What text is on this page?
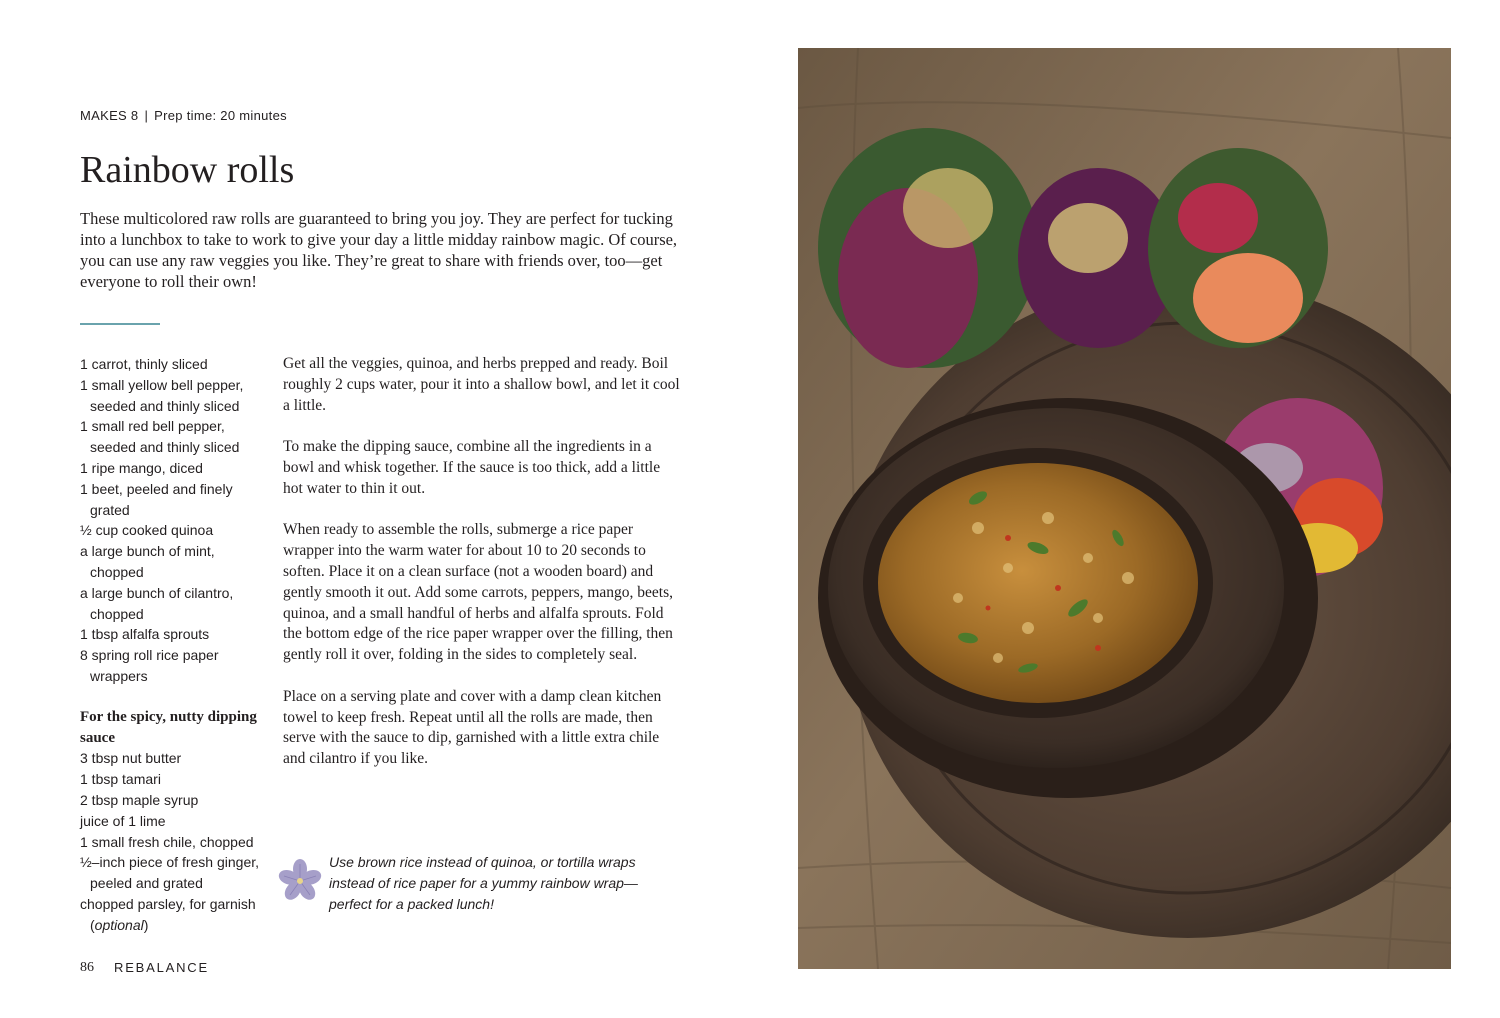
MAKES 8 | Prep time: 20 minutes
Rainbow rolls

These multicolored raw rolls are guaranteed to bring you joy. They are perfect for tucking into a lunchbox to take to work to give your day a little midday rainbow magic. Of course, you can use any raw veggies you like. They’re great to share with friends over, too—get everyone to roll their own!

1 carrot, thinly sliced
1 small yellow bell pepper, seeded and thinly sliced
1 small red bell pepper, seeded and thinly sliced
1 ripe mango, diced
1 beet, peeled and finely grated
½ cup cooked quinoa
a large bunch of mint, chopped
a large bunch of cilantro, chopped
1 tbsp alfalfa sprouts
8 spring roll rice paper wrappers
For the spicy, nutty dipping sauce
3 tbsp nut butter
1 tbsp tamari
2 tbsp maple syrup
juice of 1 lime
1 small fresh chile, chopped
½–inch piece of fresh ginger, peeled and grated
chopped parsley, for garnish (optional)

Get all the veggies, quinoa, and herbs prepped and ready. Boil roughly 2 cups water, pour it into a shallow bowl, and let it cool a little.

To make the dipping sauce, combine all the ingredients in a bowl and whisk together. If the sauce is too thick, add a little hot water to thin it out.

When ready to assemble the rolls, submerge a rice paper wrapper into the warm water for about 10 to 20 seconds to soften. Place it on a clean surface (not a wooden board) and gently smooth it out. Add some carrots, peppers, mango, beets, quinoa, and a small handful of herbs and alfalfa sprouts. Fold the bottom edge of the rice paper wrapper over the filling, then gently roll it over, folding in the sides to completely seal.

Place on a serving plate and cover with a damp clean kitchen towel to keep fresh. Repeat until all the rolls are made, then serve with the sauce to dip, garnished with a little extra chile and cilantro if you like.

Use brown rice instead of quinoa, or tortilla wraps instead of rice paper for a yummy rainbow wrap—perfect for a packed lunch!
86 REBALANCE
